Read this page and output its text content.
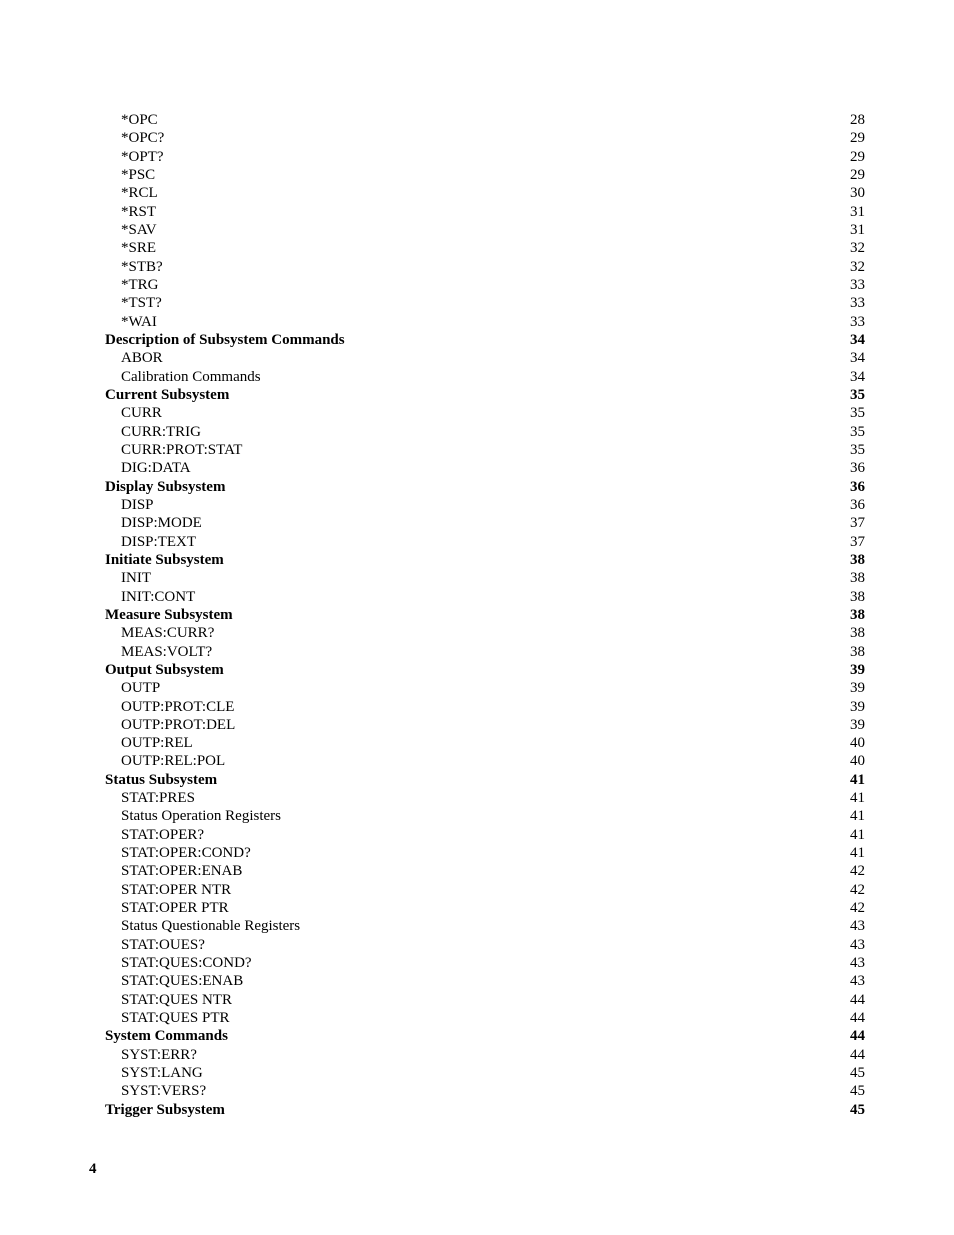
*OPC	28
*OPC?	29
*OPT?	29
*PSC	29
*RCL	30
*RST	31
*SAV	31
*SRE	32
*STB?	32
*TRG	33
*TST?	33
*WAI	33
Description of Subsystem Commands	34
ABOR	34
Calibration Commands	34
Current Subsystem	35
CURR	35
CURR:TRIG	35
CURR:PROT:STAT	35
DIG:DATA	36
Display Subsystem	36
DISP	36
DISP:MODE	37
DISP:TEXT	37
Initiate Subsystem	38
INIT	38
INIT:CONT	38
Measure Subsystem	38
MEAS:CURR?	38
MEAS:VOLT?	38
Output Subsystem	39
OUTP	39
OUTP:PROT:CLE	39
OUTP:PROT:DEL	39
OUTP:REL	40
OUTP:REL:POL	40
Status Subsystem	41
STAT:PRES	41
Status Operation Registers	41
STAT:OPER?	41
STAT:OPER:COND?	41
STAT:OPER:ENAB	42
STAT:OPER NTR	42
STAT:OPER PTR	42
Status Questionable Registers	43
STAT:OUES?	43
STAT:QUES:COND?	43
STAT:QUES:ENAB	43
STAT:QUES NTR	44
STAT:QUES PTR	44
System Commands	44
SYST:ERR?	44
SYST:LANG	45
SYST:VERS?	45
Trigger Subsystem	45
4
